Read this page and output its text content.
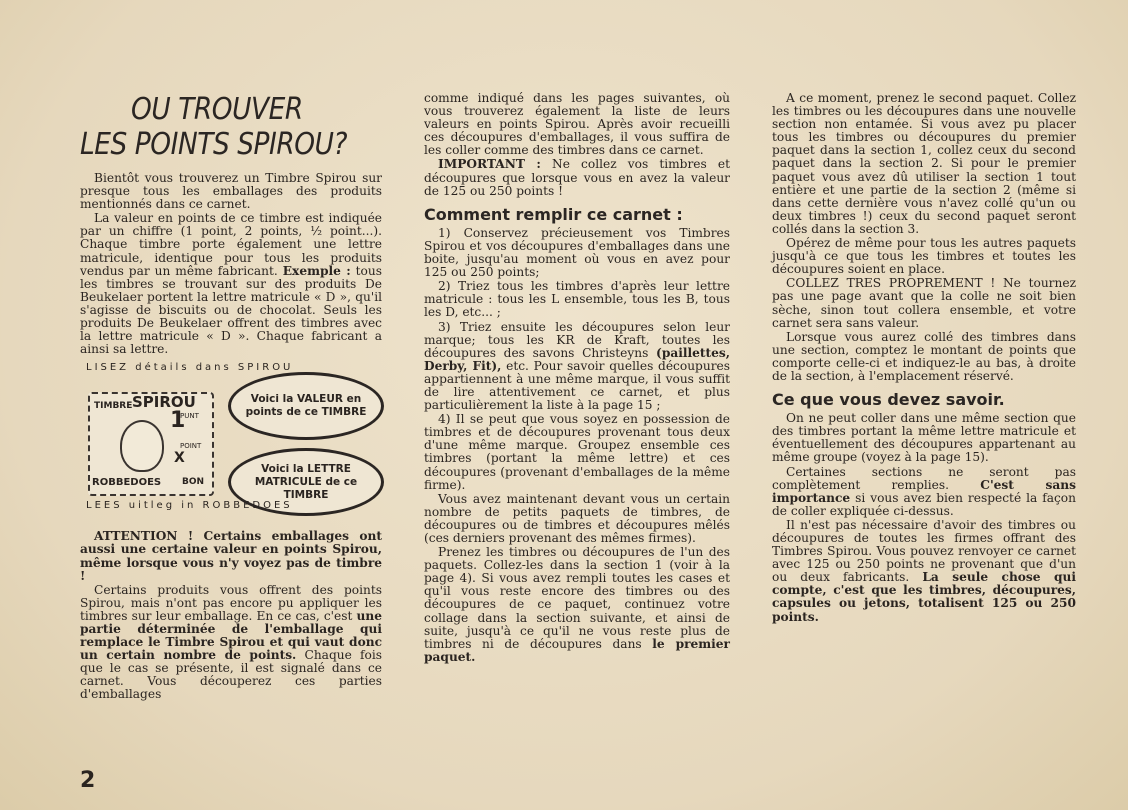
OU TROUVER
LES POINTS SPIROU?

Bientôt vous trouverez un Timbre Spirou sur presque tous les emballages des produits mentionnés dans ce carnet.

La valeur en points de ce timbre est indiquée par un chiffre (1 point, 2 points, ½ point...). Chaque timbre porte également une lettre matricule, identique pour tous les produits vendus par un même fabricant. Exemple : tous les timbres se trouvant sur des produits De Beukelaer portent la lettre matricule « D », qu'il s'agisse de biscuits ou de chocolat. Seuls les produits De Beukelaer offrent des timbres avec la lettre matricule « D ». Chaque fabricant a ainsi sa lettre.

LISEZ détails dans SPIROU
TIMBRE SPIROU
PUNT
1
POINT
X
ROBBEDOES BON
Voici la VALEUR en points de ce TIMBRE
Voici la LETTRE MATRICULE de ce TIMBRE
LEES uitleg in ROBBEDOES

ATTENTION ! Certains emballages ont aussi une certaine valeur en points Spirou, même lorsque vous n'y voyez pas de timbre !

Certains produits vous offrent des points Spirou, mais n'ont pas encore pu appliquer les timbres sur leur emballage. En ce cas, c'est une partie déterminée de l'emballage qui remplace le Timbre Spirou et qui vaut donc un certain nombre de points. Chaque fois que le cas se présente, il est signalé dans ce carnet. Vous découperez ces parties d'emballages

comme indiqué dans les pages suivantes, où vous trouverez également la liste de leurs valeurs en points Spirou. Après avoir recueilli ces découpures d'emballages, il vous suffira de les coller comme des timbres dans ce carnet.

IMPORTANT : Ne collez vos timbres et découpures que lorsque vous en avez la valeur de 125 ou 250 points !

Comment remplir ce carnet :

1) Conservez précieusement vos Timbres Spirou et vos découpures d'emballages dans une boite, jusqu'au moment où vous en avez pour 125 ou 250 points;

2) Triez tous les timbres d'après leur lettre matricule : tous les L ensemble, tous les B, tous les D, etc... ;

3) Triez ensuite les découpures selon leur marque; tous les KR de Kraft, toutes les découpures des savons Christeyns (paillettes, Derby, Fit), etc. Pour savoir quelles découpures appartiennent à une même marque, il vous suffit de lire attentivement ce carnet, et plus particulièrement la liste à la page 15 ;

4) Il se peut que vous soyez en possession de timbres et de découpures provenant tous deux d'une même marque. Groupez ensemble ces timbres (portant la même lettre) et ces découpures (provenant d'emballages de la même firme).

Vous avez maintenant devant vous un certain nombre de petits paquets de timbres, de découpures ou de timbres et découpures mêlés (ces derniers provenant des mêmes firmes).

Prenez les timbres ou découpures de l'un des paquets. Collez-les dans la section 1 (voir à la page 4). Si vous avez rempli toutes les cases et qu'il vous reste encore des timbres ou des découpures de ce paquet, continuez votre collage dans la section suivante, et ainsi de suite, jusqu'à ce qu'il ne vous reste plus de timbres ni de découpures dans le premier paquet.

A ce moment, prenez le second paquet. Collez les timbres ou les découpures dans une nouvelle section non entamée. Si vous avez pu placer tous les timbres ou découpures du premier paquet dans la section 1, collez ceux du second paquet dans la section 2. Si pour le premier paquet vous avez dû utiliser la section 1 tout entière et une partie de la section 2 (même si dans cette dernière vous n'avez collé qu'un ou deux timbres !) ceux du second paquet seront collés dans la section 3.

Opérez de même pour tous les autres paquets jusqu'à ce que tous les timbres et toutes les découpures soient en place.

COLLEZ TRES PROPREMENT ! Ne tournez pas une page avant que la colle ne soit bien sèche, sinon tout collera ensemble, et votre carnet sera sans valeur.

Lorsque vous aurez collé des timbres dans une section, comptez le montant de points que comporte celle-ci et indiquez-le au bas, à droite de la section, à l'emplacement réservé.

Ce que vous devez savoir.

On ne peut coller dans une même section que des timbres portant la même lettre matricule et éventuellement des découpures appartenant au même groupe (voyez à la page 15).

Certaines sections ne seront pas complètement remplies. C'est sans importance si vous avez bien respecté la façon de coller expliquée ci-dessus.

Il n'est pas nécessaire d'avoir des timbres ou découpures de toutes les firmes offrant des Timbres Spirou. Vous pouvez renvoyer ce carnet avec 125 ou 250 points ne provenant que d'un ou deux fabricants. La seule chose qui compte, c'est que les timbres, découpures, capsules ou jetons, totalisent 125 ou 250 points.

2
